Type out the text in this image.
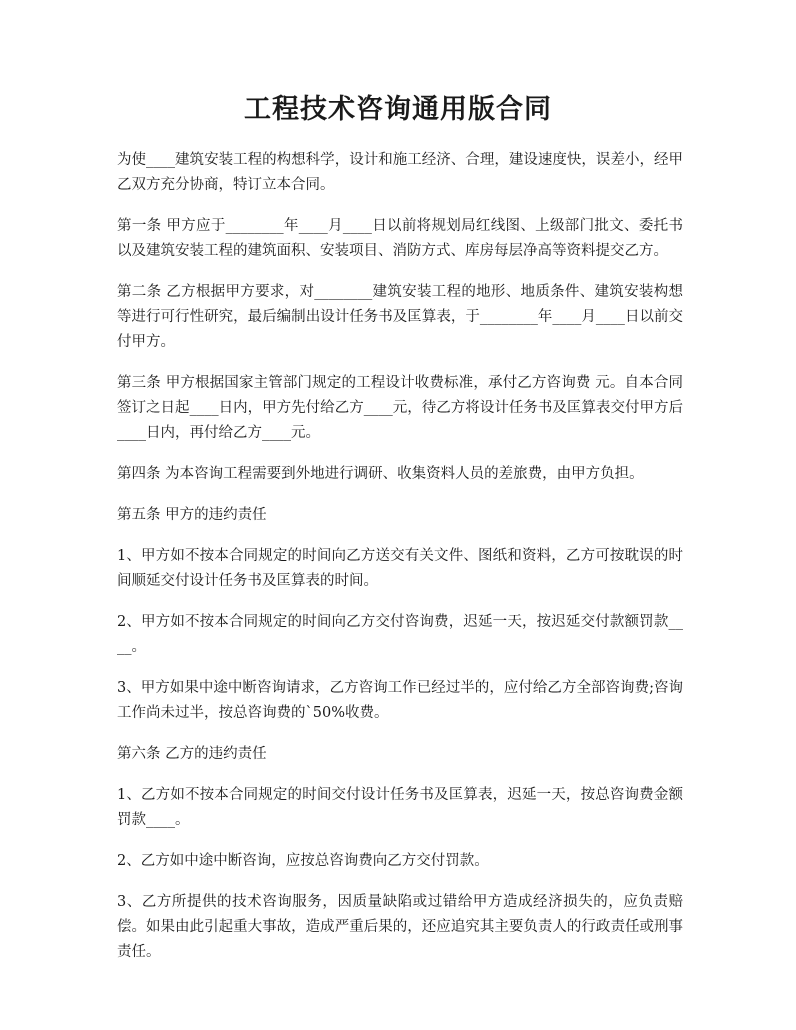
工程技术咨询通用版合同

为使____建筑安装工程的构想科学，设计和施工经济、合理，建设速度快，误差小，经甲乙双方充分协商，特订立本合同。

第一条 甲方应于________年____月____日以前将规划局红线图、上级部门批文、委托书以及建筑安装工程的建筑面积、安装项目、消防方式、库房每层净高等资料提交乙方。

第二条 乙方根据甲方要求，对________建筑安装工程的地形、地质条件、建筑安装构想等进行可行性研究，最后编制出设计任务书及匡算表，于________年____月____日以前交付甲方。

第三条 甲方根据国家主管部门规定的工程设计收费标准，承付乙方咨询费 元。自本合同签订之日起____日内，甲方先付给乙方____元，待乙方将设计任务书及匡算表交付甲方后____日内，再付给乙方____元。

第四条 为本咨询工程需要到外地进行调研、收集资料人员的差旅费，由甲方负担。

第五条 甲方的违约责任

1、甲方如不按本合同规定的时间向乙方送交有关文件、图纸和资料，乙方可按耽误的时间顺延交付设计任务书及匡算表的时间。

2、甲方如不按本合同规定的时间向乙方交付咨询费，迟延一天，按迟延交付款额罚款____。

3、甲方如果中途中断咨询请求，乙方咨询工作已经过半的，应付给乙方全部咨询费;咨询工作尚未过半，按总咨询费的`50%收费。

第六条 乙方的违约责任

1、乙方如不按本合同规定的时间交付设计任务书及匡算表，迟延一天，按总咨询费金额罚款____。

2、乙方如中途中断咨询，应按总咨询费向乙方交付罚款。

3、乙方所提供的技术咨询服务，因质量缺陷或过错给甲方造成经济损失的，应负责赔偿。如果由此引起重大事故，造成严重后果的，还应追究其主要负责人的行政责任或刑事责任。
